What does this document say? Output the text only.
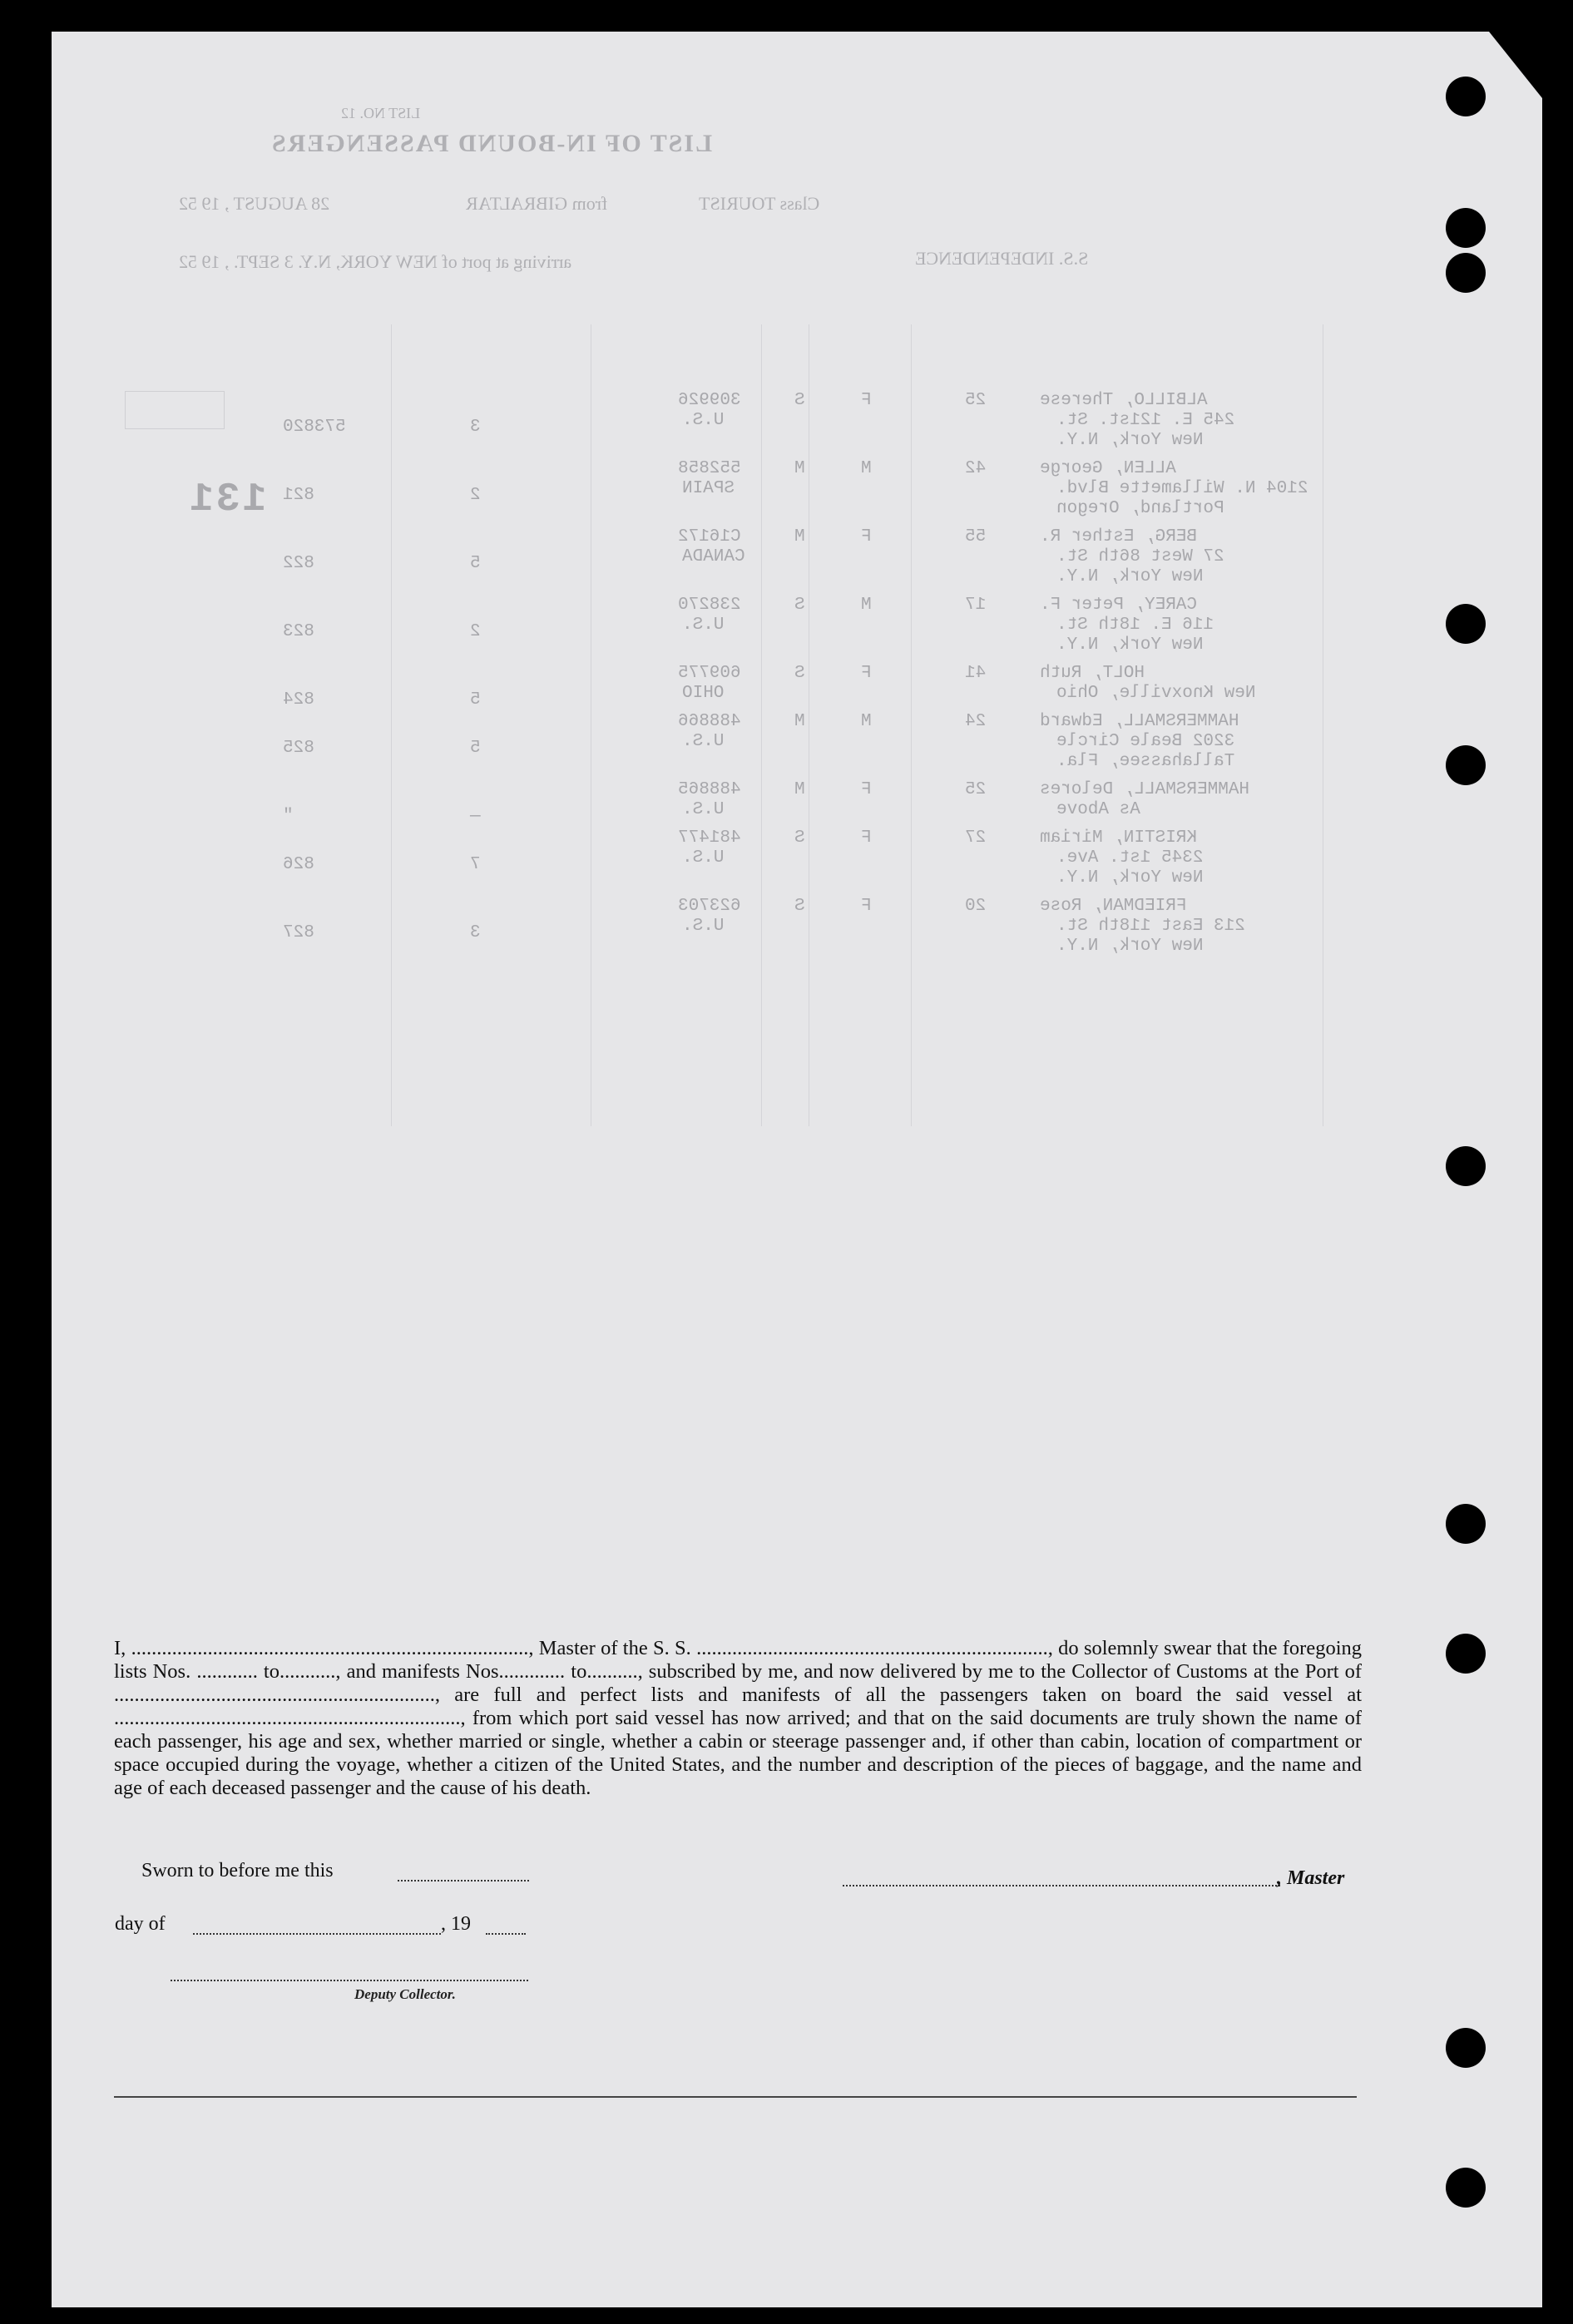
LIST NO. 12
LIST OF IN-BOUND PASSENGERS
Class TOURIST
from GIBRALTAR
28 AUGUST , 19 52
S.S. INDEPENDENCE
arriving at port of NEW YORK, N.Y. 3 SEPT. , 19 52
131
ALBILLO, Therese
245 E. 121st. St.
New York, N.Y.
25
F
S
309926
U.S.
3
573820
ALLEN, George
2104 N. Willamette Blvd.
Portland, Oregon
42
M
M
552858
SPAIN
2
821
BERG, Esther R.
27 West 86th St.
New York, N.Y.
55
F
M
C16172
CANADA
5
822
CAREY, Peter F.
116 E. 18th St.
New York, N.Y.
17
M
S
238270
U.S.
2
823
HOLT, Ruth
New Knoxville, Ohio
41
F
S
609775
OHIO
5
824
HAMMERSMALL, Edward
3202 Beale Circle
Tallahassee, Fla.
24
M
M
488866
U.S.
5
825
HAMMERSMALL, Delores
As Above
25
F
M
488865
U.S.
—
"
KRISTIN, Miriam
2345 1st. Ave.
New York, N.Y.
27
F
S
481477
U.S.
7
826
FRIEDMAN, Rose
213 East 118th St.
New York, N.Y.
20
F
S
623703
U.S.
3
827
I, .............................................................................., Master of the S. S. ....................................................................., do solemnly swear that the foregoing lists Nos. ............ to..........., and manifests Nos............. to.........., subscribed by me, and now delivered by me to the Collector of Customs at the Port of ..............................................................., are full and perfect lists and manifests of all the passengers taken on board the said vessel at ...................................................................., from which port said vessel has now arrived; and that on the said documents are truly shown the name of each passenger, his age and sex, whether married or single, whether a cabin or steerage passenger and, if other than cabin, location of compartment or space occupied during the voyage, whether a citizen of the United States, and the number and description of the pieces of baggage, and the name and age of each deceased passenger and the cause of his death.
Sworn to before me this	, Master
day of	, 19
Deputy Collector.
